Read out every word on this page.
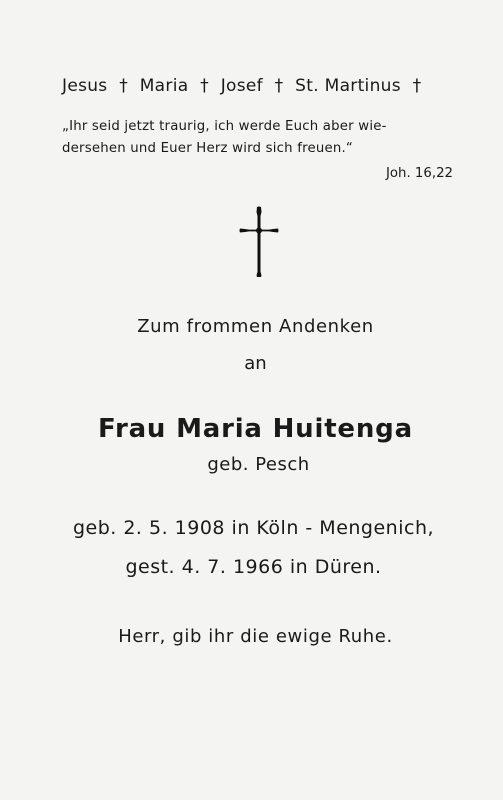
Jesus † Maria † Josef † St. Martinus †
„Ihr seid jetzt traurig, ich werde Euch aber wie-
dersehen und Euer Herz wird sich freuen.“
Joh. 16,22
Zum frommen Andenken
an
Frau Maria Huitenga
geb. Pesch
geb. 2. 5. 1908 in Köln - Mengenich,
gest. 4. 7. 1966 in Düren.
Herr, gib ihr die ewige Ruhe.
